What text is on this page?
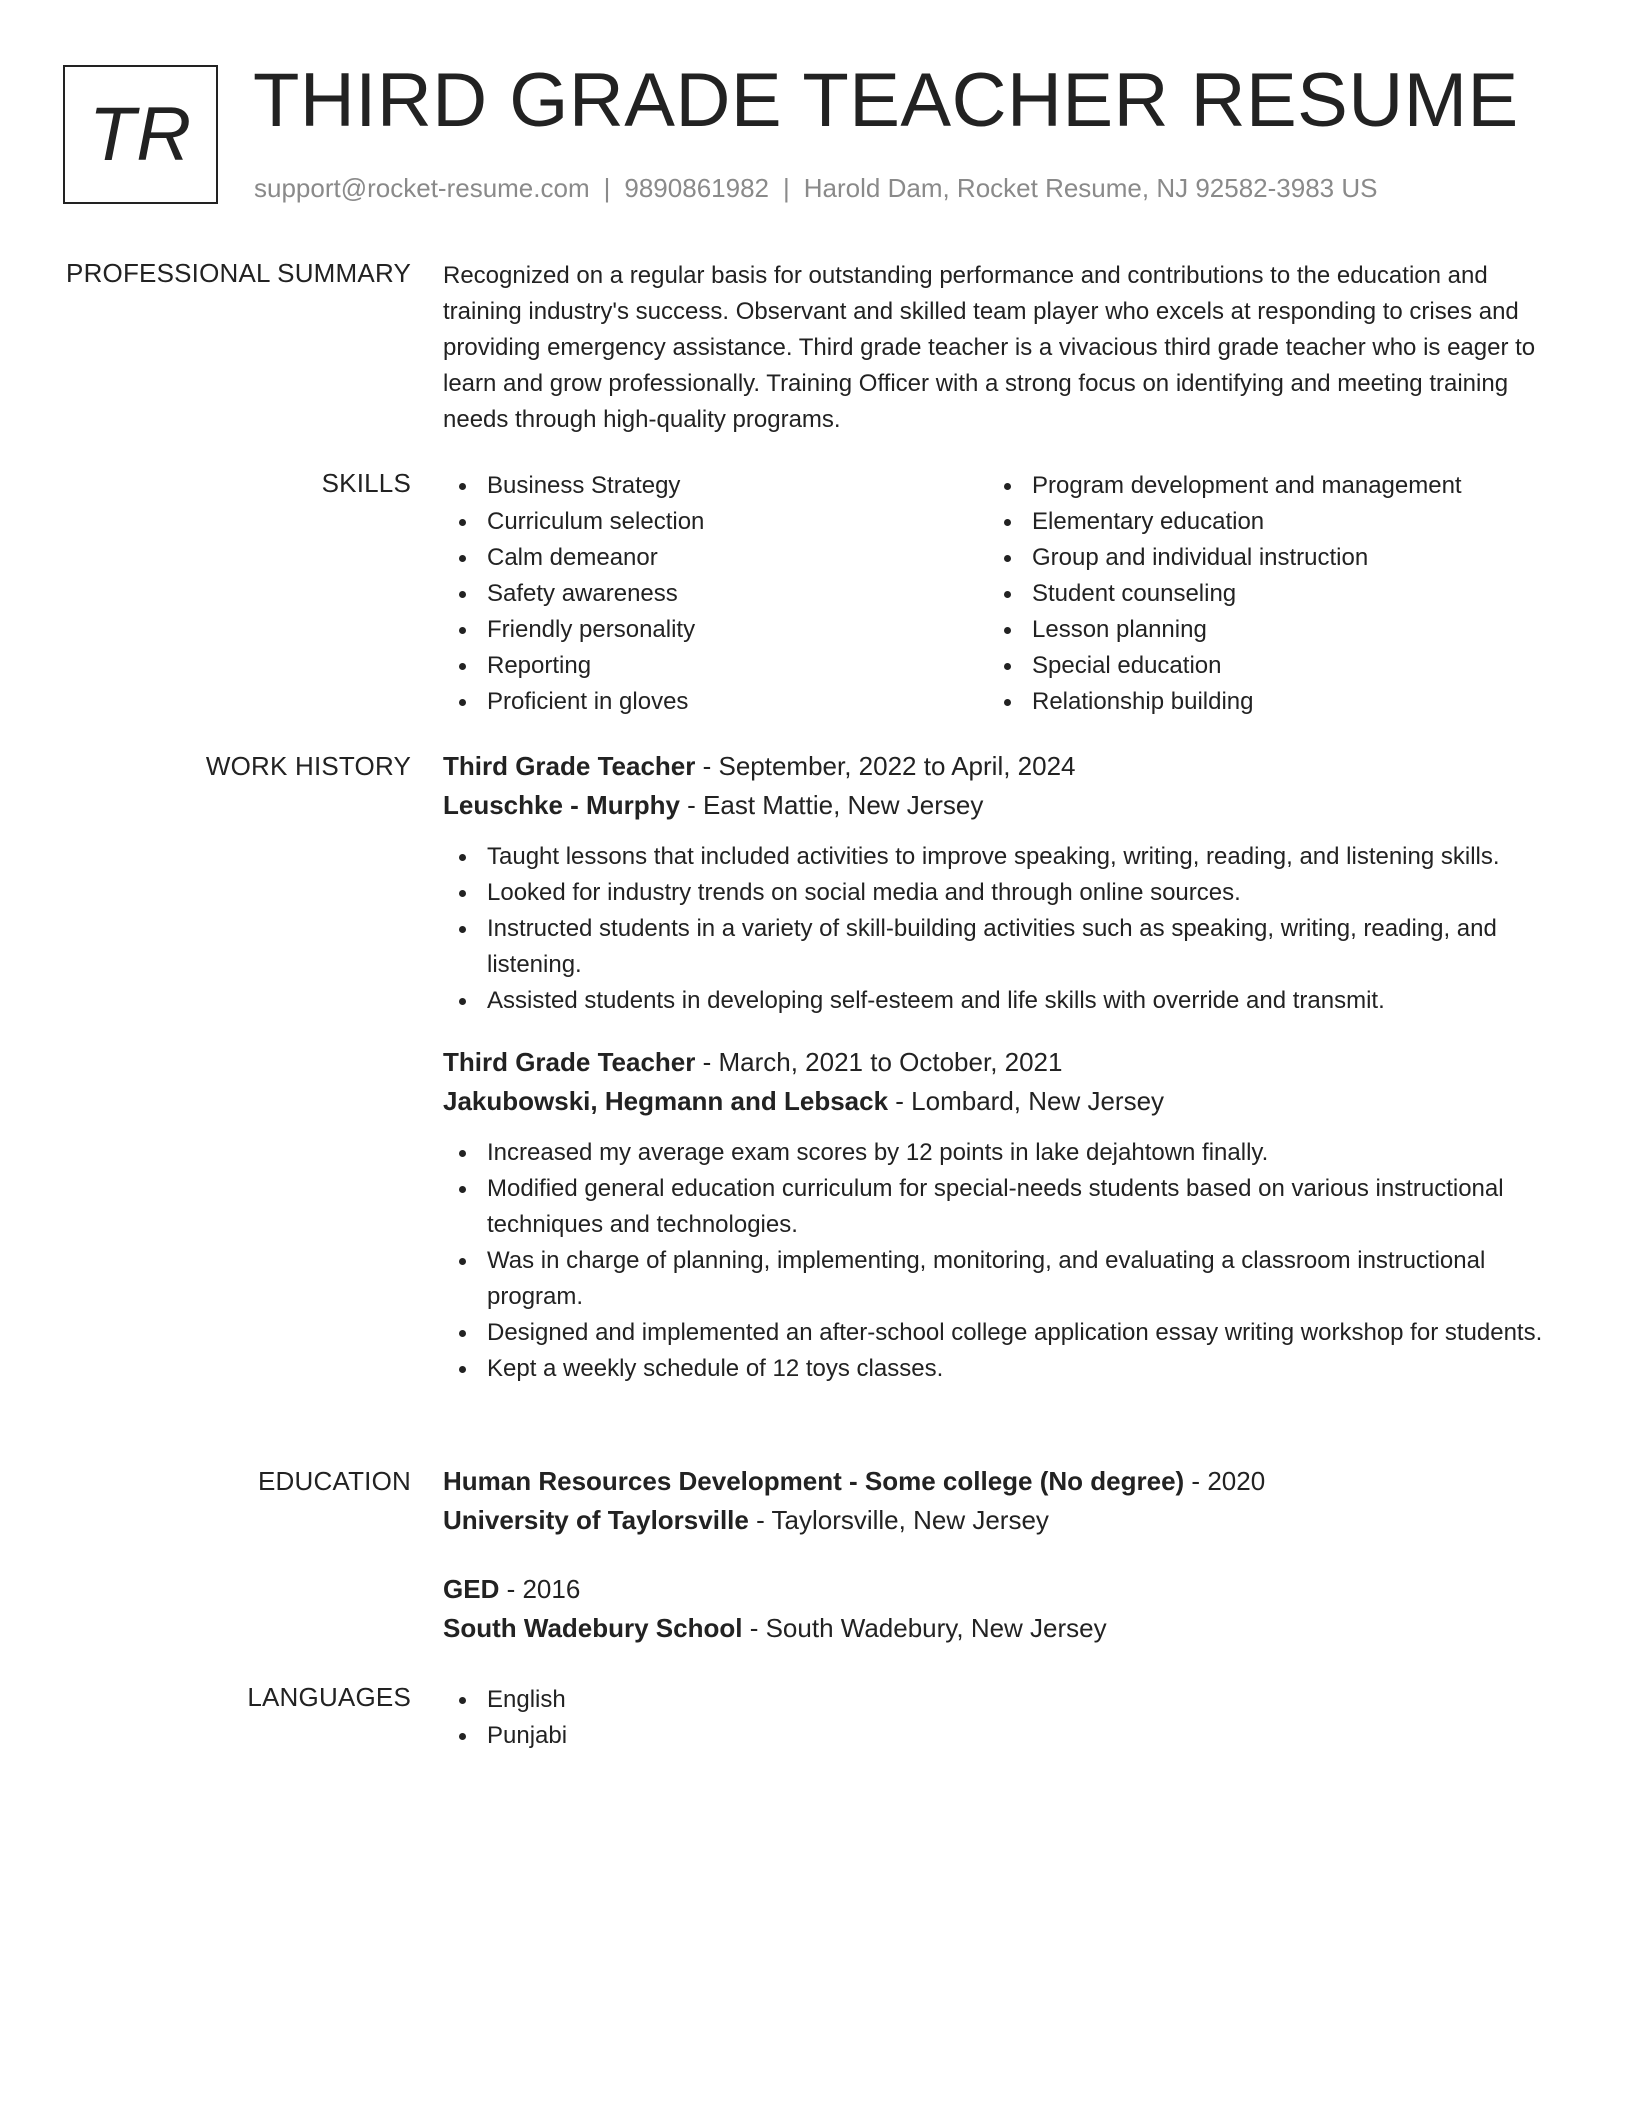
TR THIRD GRADE TEACHER RESUME
support@rocket-resume.com | 9890861982 | Harold Dam, Rocket Resume, NJ 92582-3983 US
PROFESSIONAL SUMMARY Recognized on a regular basis for outstanding performance and contributions to the education and training industry's success. Observant and skilled team player who excels at responding to crises and providing emergency assistance. Third grade teacher is a vivacious third grade teacher who is eager to learn and grow professionally. Training Officer with a strong focus on identifying and meeting training needs through high-quality programs.

SKILLS	Business Strategy
Curriculum selection
Calm demeanor
Safety awareness
Friendly personality
Reporting
Proficient in gloves
Program development and management
Elementary education
Group and individual instruction
Student counseling
Lesson planning
Special education
Relationship building
WORK HISTORY Third Grade Teacher - September, 2022 to April, 2024
Leuschke - Murphy - East Mattie, New Jersey
Taught lessons that included activities to improve speaking, writing, reading, and listening skills.
Looked for industry trends on social media and through online sources.
Instructed students in a variety of skill-building activities such as speaking, writing, reading, and listening.
Assisted students in developing self-esteem and life skills with override and transmit.
Third Grade Teacher - March, 2021 to October, 2021
Jakubowski, Hegmann and Lebsack - Lombard, New Jersey
Increased my average exam scores by 12 points in lake dejahtown finally.
Modified general education curriculum for special-needs students based on various instructional techniques and technologies.
Was in charge of planning, implementing, monitoring, and evaluating a classroom instructional program.
Designed and implemented an after-school college application essay writing workshop for students.
Kept a weekly schedule of 12 toys classes.
EDUCATION Human Resources Development - Some college (No degree) - 2020
University of Taylorsville - Taylorsville, New Jersey
GED - 2016
South Wadebury School - South Wadebury, New Jersey
LANGUAGES	English
Punjabi
